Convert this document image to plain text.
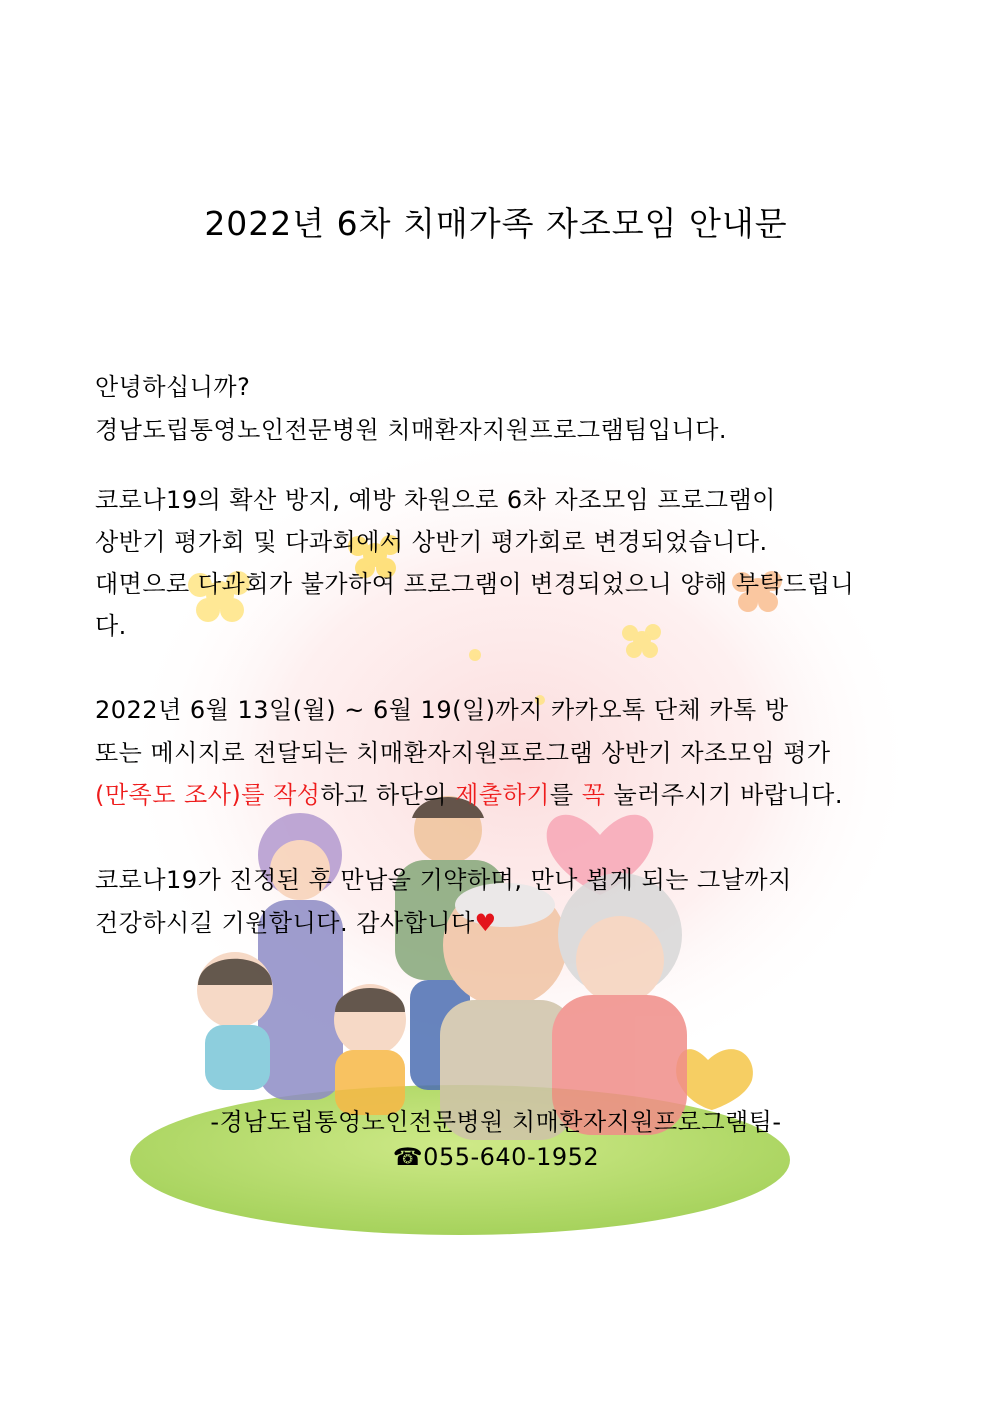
2022년 6차 치매가족 자조모임 안내문
안녕하십니까?
경남도립통영노인전문병원 치매환자지원프로그램팀입니다.
코로나19의 확산 방지, 예방 차원으로 6차 자조모임 프로그램이
상반기 평가회 및 다과회에서 상반기 평가회로 변경되었습니다.
대면으로 다과회가 불가하여 프로그램이 변경되었으니 양해 부탁드립니
다.
2022년 6월 13일(월) ~ 6월 19(일)까지 카카오톡 단체 카톡 방
또는 메시지로 전달되는 치매환자지원프로그램 상반기 자조모임 평가
(만족도 조사)를 작성하고 하단의 제출하기를 꼭 눌러주시기 바랍니다.
코로나19가 진정된 후 만남을 기약하며, 만나 뵙게 되는 그날까지
건강하시길 기원합니다. 감사합니다♥
-경남도립통영노인전문병원 치매환자지원프로그램팀-
☎055-640-1952
